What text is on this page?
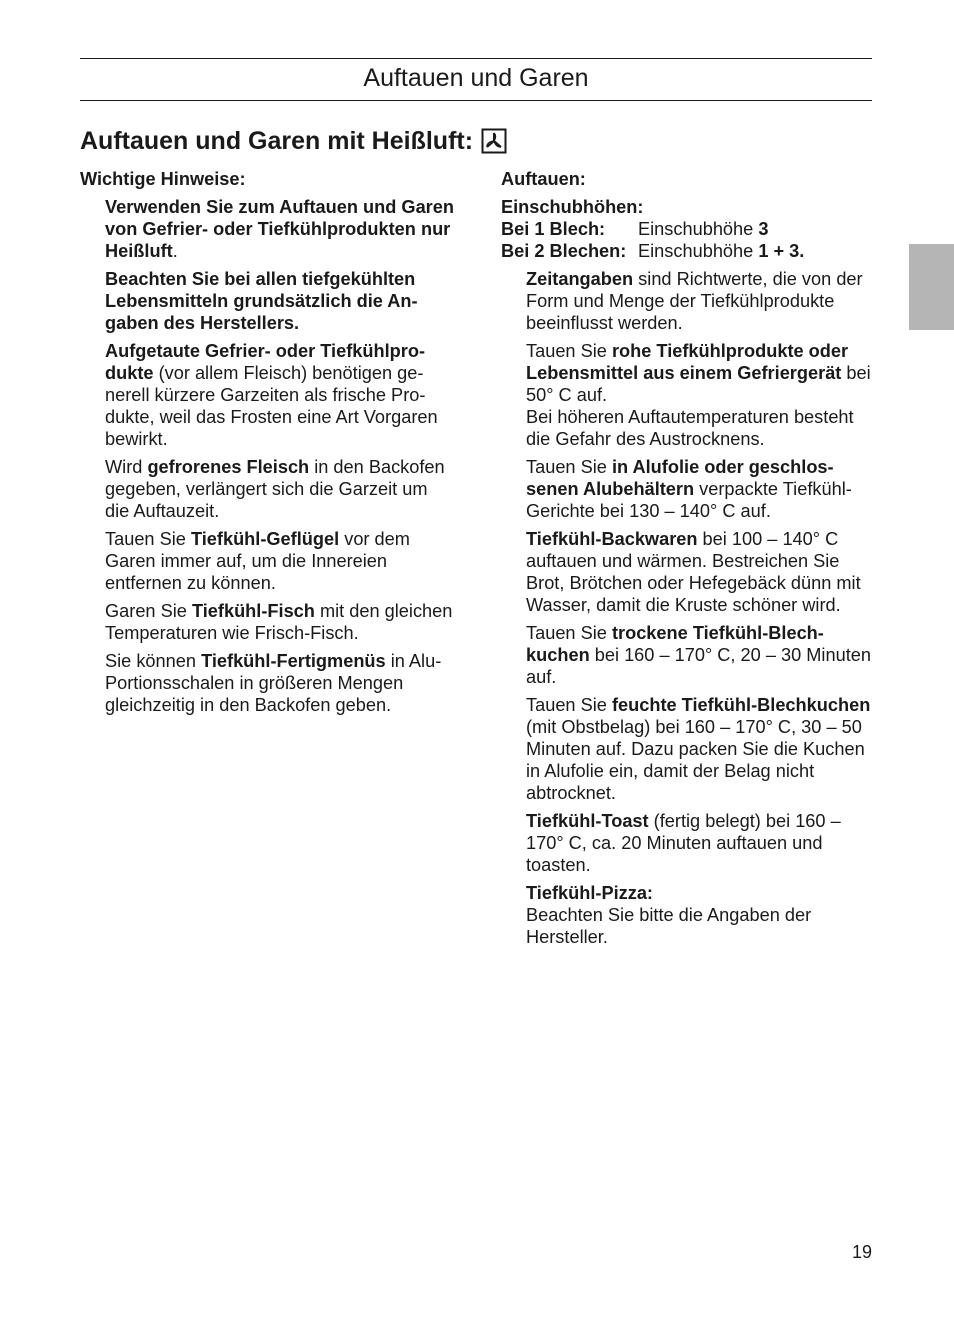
Auftauen und Garen
Auftauen und Garen mit Heißluft:

Wichtige Hinweise:

Verwenden Sie zum Auftauen und Garen von Gefrier- oder Tiefkühlprodukten nur Heißluft.

Beachten Sie bei allen tiefgekühlten Lebensmitteln grundsätzlich die Angaben des Herstellers.

Aufgetaute Gefrier- oder Tiefkühlprodukte (vor allem Fleisch) benötigen generell kürzere Garzeiten als frische Produkte, weil das Frosten eine Art Vorgaren bewirkt.

Wird gefrorenes Fleisch in den Backofen gegeben, verlängert sich die Garzeit um die Auftauzeit.

Tauen Sie Tiefkühl-Geflügel vor dem Garen immer auf, um die Innereien entfernen zu können.

Garen Sie Tiefkühl-Fisch mit den gleichen Temperaturen wie Frisch-Fisch.

Sie können Tiefkühl-Fertigmenüs in Alu-Portionsschalen in größeren Mengen gleichzeitig in den Backofen geben.

Auftauen:

Einschubhöhen:

Bei 1 Blech:	Einschubhöhe 3
Bei 2 Blechen: Einschubhöhe 1 + 3.

Zeitangaben sind Richtwerte, die von der Form und Menge der Tiefkühlprodukte beeinflusst werden.

Tauen Sie rohe Tiefkühlprodukte oder Lebensmittel aus einem Gefriergerät bei 50° C auf.
Bei höheren Auftautemperaturen besteht die Gefahr des Austrocknens.

Tauen Sie in Alufolie oder geschlossenen Alubehältern verpackte Tiefkühl-Gerichte bei 130 – 140° C auf.

Tiefkühl-Backwaren bei 100 – 140° C auftauen und wärmen. Bestreichen Sie Brot, Brötchen oder Hefegebäck dünn mit Wasser, damit die Kruste schöner wird.

Tauen Sie trockene Tiefkühl-Blechkuchen bei 160 – 170° C, 20 – 30 Minuten auf.

Tauen Sie feuchte Tiefkühl-Blechkuchen (mit Obstbelag) bei 160 – 170° C, 30 – 50 Minuten auf. Dazu packen Sie die Kuchen in Alufolie ein, damit der Belag nicht abtrocknet.

Tiefkühl-Toast (fertig belegt) bei 160 – 170° C, ca. 20 Minuten auftauen und toasten.

Tiefkühl-Pizza:
Beachten Sie bitte die Angaben der Hersteller.

19
